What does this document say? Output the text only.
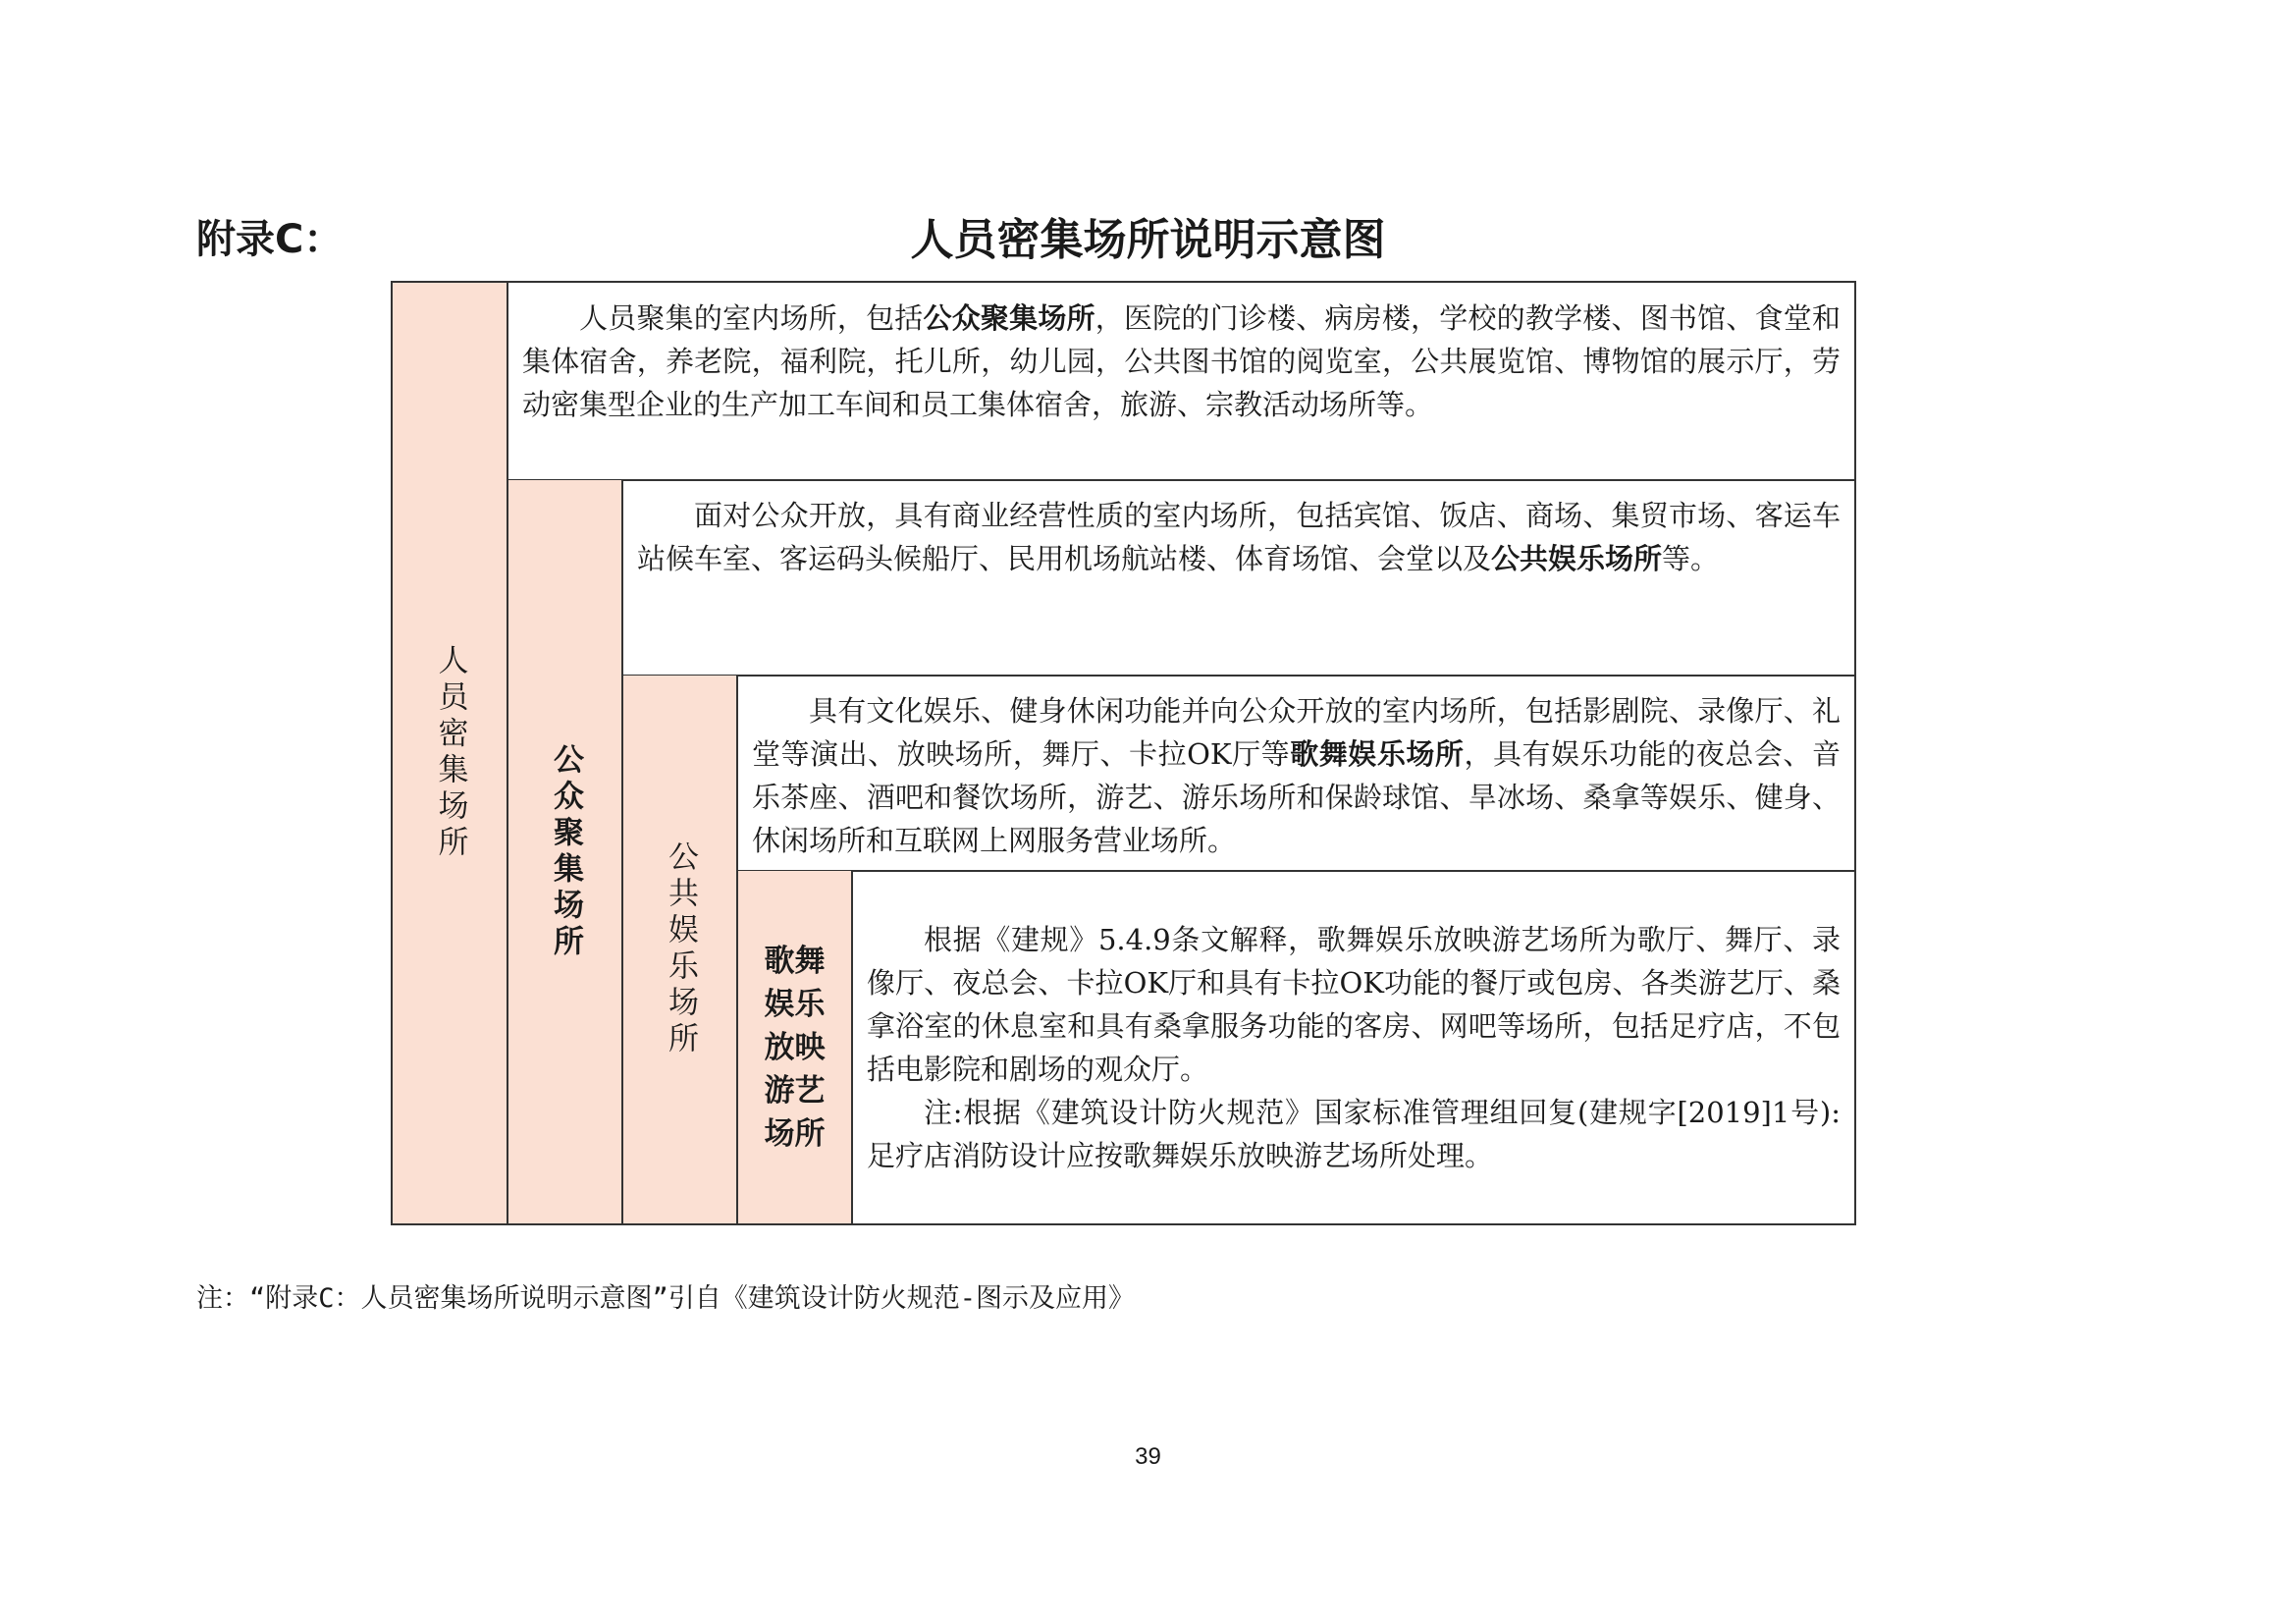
附录C：	人员密集场所说明示意图
人员密集场所
人员聚集的室内场所，包括公众聚集场所，医院的门诊楼、病房楼，学校的教学楼、图书馆、食堂和集体宿舍，养老院，福利院，托儿所，幼儿园，公共图书馆的阅览室，公共展览馆、博物馆的展示厅，劳动密集型企业的生产加工车间和员工集体宿舍，旅游、宗教活动场所等。
公众聚集场所
面对公众开放，具有商业经营性质的室内场所，包括宾馆、饭店、商场、集贸市场、客运车站候车室、客运码头候船厅、民用机场航站楼、体育场馆、会堂以及公共娱乐场所等。
公共娱乐场所
具有文化娱乐、健身休闲功能并向公众开放的室内场所，包括影剧院、录像厅、礼堂等演出、放映场所，舞厅、卡拉OK厅等歌舞娱乐场所，具有娱乐功能的夜总会、音乐茶座、酒吧和餐饮场所，游艺、游乐场所和保龄球馆、旱冰场、桑拿等娱乐、健身、休闲场所和互联网上网服务营业场所。
歌舞娱乐放映游艺场所
根据《建规》5.4.9条文解释，歌舞娱乐放映游艺场所为歌厅、舞厅、录像厅、夜总会、卡拉OK厅和具有卡拉OK功能的餐厅或包房、各类游艺厅、桑拿浴室的休息室和具有桑拿服务功能的客房、网吧等场所，包括足疗店，不包括电影院和剧场的观众厅。
注:根据《建筑设计防火规范》国家标准管理组回复(建规字[2019]1号):足疗店消防设计应按歌舞娱乐放映游艺场所处理。
注：“附录C：人员密集场所说明示意图”引自《建筑设计防火规范-图示及应用》
39
